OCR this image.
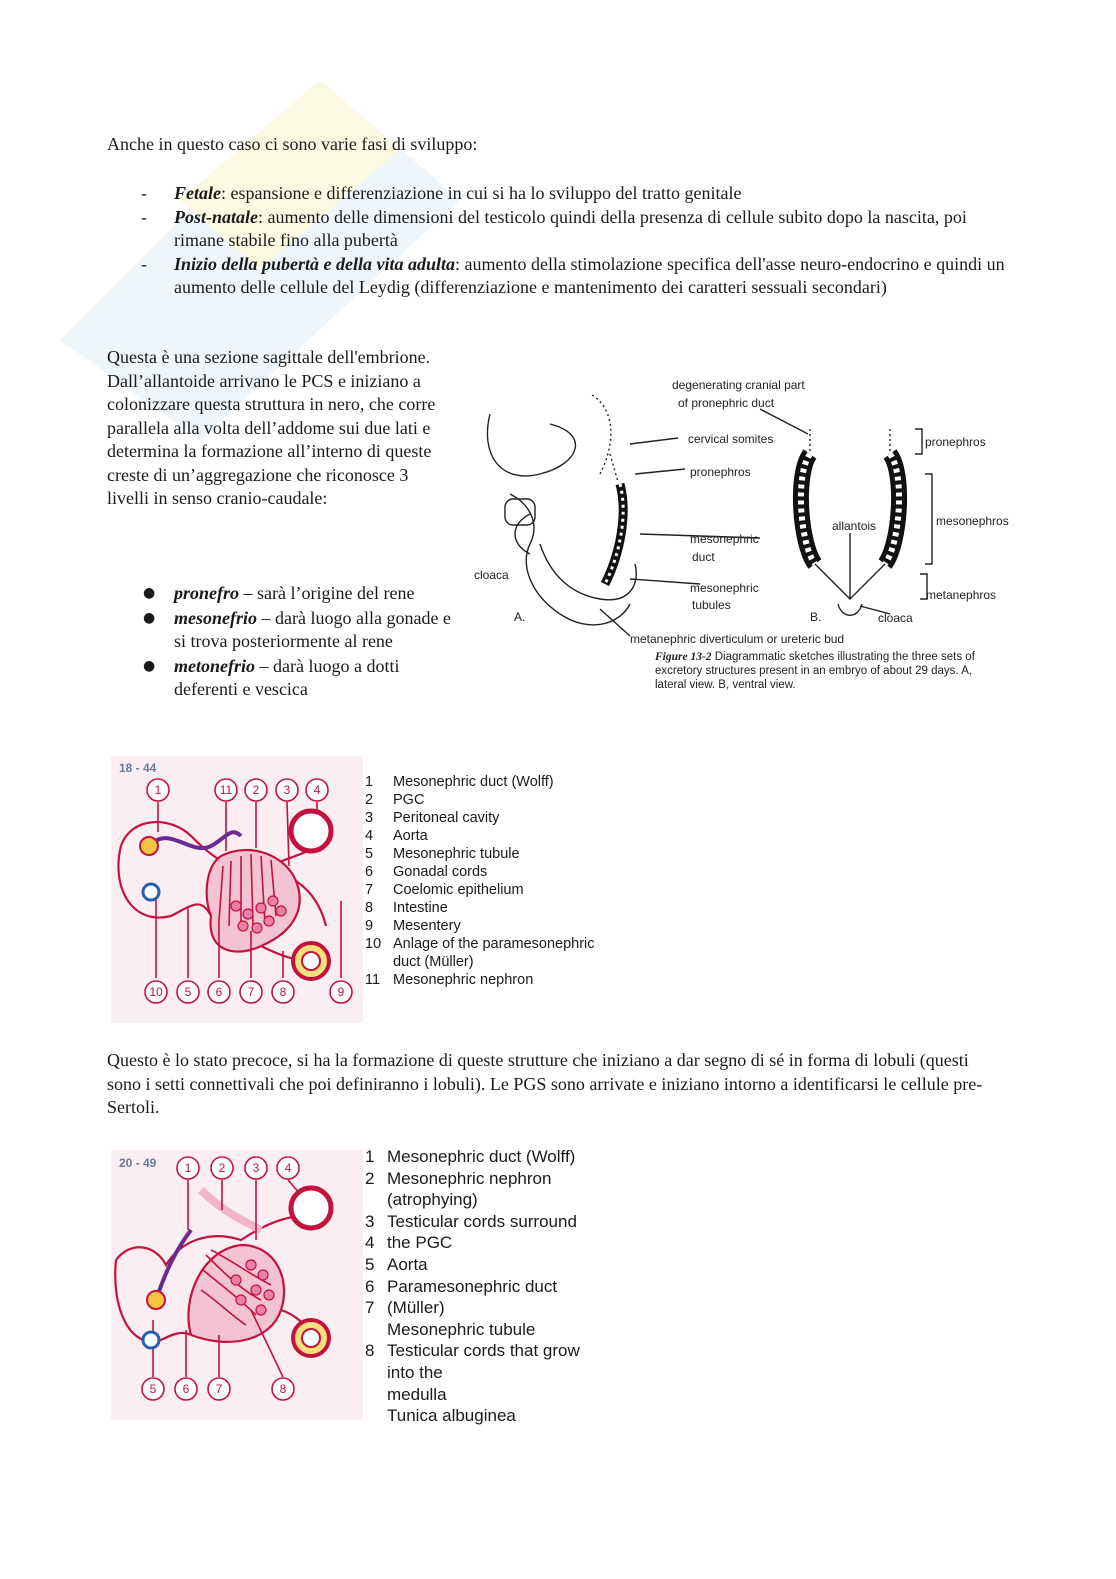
Anche in questo caso ci sono varie fasi di sviluppo:

- Fetale: espansione e differenziazione in cui si ha lo sviluppo del tratto genitale
- Post-natale: aumento delle dimensioni del testicolo quindi della presenza di cellule subito dopo la nascita, poi rimane stabile fino alla pubertà
- Inizio della pubertà e della vita adulta: aumento della stimolazione specifica dell'asse neuro-endocrino e quindi un aumento delle cellule del Leydig (differenziazione e mantenimento dei caratteri sessuali secondari)

Questa è una sezione sagittale dell'embrione. Dall’allantoide arrivano le PCS e iniziano a colonizzare questa struttura in nero, che corre parallela alla volta dell’addome sui due lati e determina la formazione all’interno di queste creste di un’aggregazione che riconosce 3 livelli in senso cranio-caudale:

● pronefro – sarà l’origine del rene
● mesonefrio – darà luogo alla gonade e si trova posteriormente al rene
● metonefrio – darà luogo a dotti deferenti e vescica
degenerating cranial part
of pronephric duct
cervical somites
pronephros
mesonephric
duct
cloaca
mesonephric
tubules
A.	B.
allantois
cloaca
metanephric diverticulum or ureteric bud
pronephros
mesonephros
metanephros
Figure 13-2 Diagrammatic sketches illustrating the three sets of excretory structures present in an embryo of about 29 days. A, lateral view. B, ventral view.
18 - 44
1	11 2 3 4
10 5 6 7 8	9
1	Mesonephric duct (Wolff)
2	PGC
3	Peritoneal cavity
4	Aorta
5	Mesonephric tubule
6	Gonadal cords
7	Coelomic epithelium
8	Intestine
9	Mesentery
10 Anlage of the paramesonephric
duct (Müller)
11 Mesonephric nephron

Questo è lo stato precoce, si ha la formazione di queste strutture che iniziano a dar segno di sé in forma di lobuli (questi sono i setti connettivali che poi definiranno i lobuli). Le PGS sono arrivate e iniziano intorno a identificarsi le cellule pre-Sertoli.

20 - 49 1 2 3 4
5 6 7	8
1 Mesonephric duct (Wolff)
2 Mesonephric nephron
(atrophying)
3 Testicular cords surround
4 the PGC
5 Aorta
6 Paramesonephric duct
7 (Müller)
Mesonephric tubule
8 Testicular cords that grow
into the
medulla
Tunica albuginea
